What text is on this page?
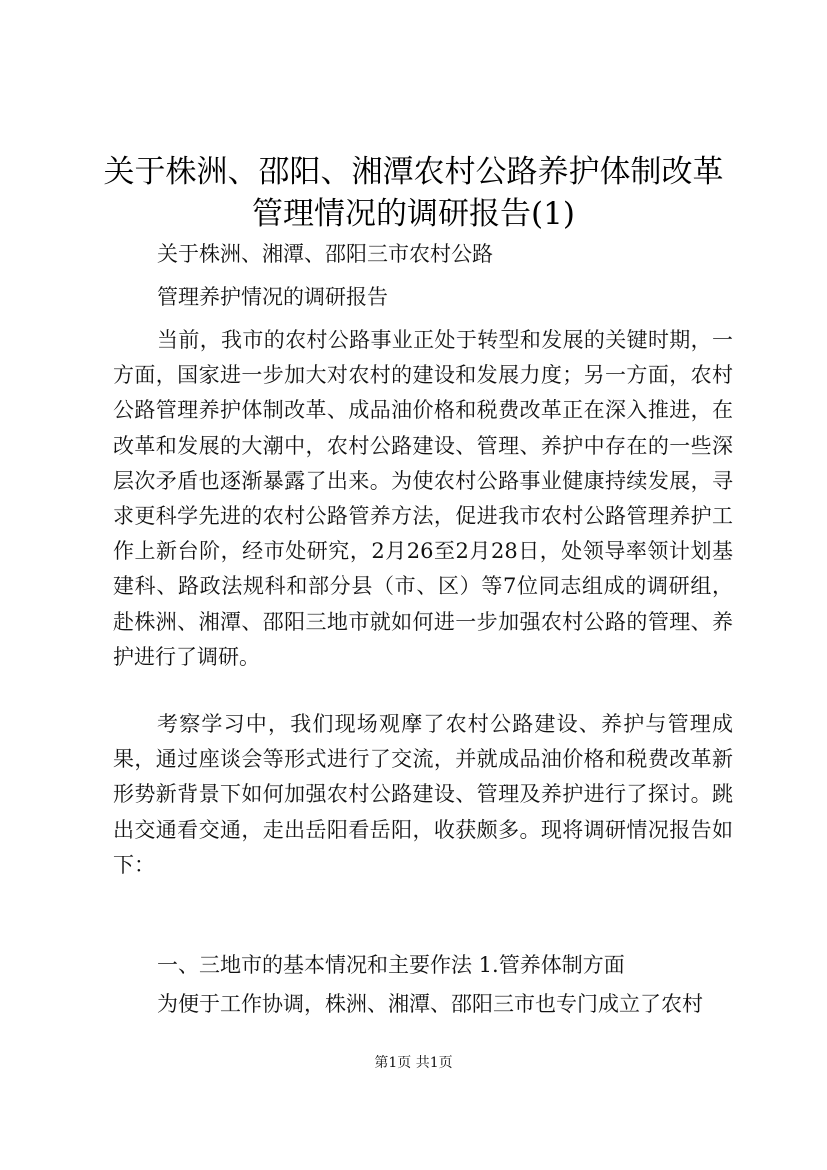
关于株洲、邵阳、湘潭农村公路养护体制改革
管理情况的调研报告(1)

关于株洲、湘潭、邵阳三市农村公路

管理养护情况的调研报告

当前，我市的农村公路事业正处于转型和发展的关键时期，一方面，国家进一步加大对农村的建设和发展力度；另一方面，农村公路管理养护体制改革、成品油价格和税费改革正在深入推进，在改革和发展的大潮中，农村公路建设、管理、养护中存在的一些深层次矛盾也逐渐暴露了出来。为使农村公路事业健康持续发展，寻求更科学先进的农村公路管养方法，促进我市农村公路管理养护工作上新台阶，经市处研究，2月26至2月28日，处领导率领计划基建科、路政法规科和部分县（市、区）等7位同志组成的调研组，赴株洲、湘潭、邵阳三地市就如何进一步加强农村公路的管理、养护进行了调研。

考察学习中，我们现场观摩了农村公路建设、养护与管理成果，通过座谈会等形式进行了交流，并就成品油价格和税费改革新形势新背景下如何加强农村公路建设、管理及养护进行了探讨。跳出交通看交通，走出岳阳看岳阳，收获颇多。现将调研情况报告如下：

一、三地市的基本情况和主要作法 1.管养体制方面

为便于工作协调，株洲、湘潭、邵阳三市也专门成立了农村

第1页 共1页
